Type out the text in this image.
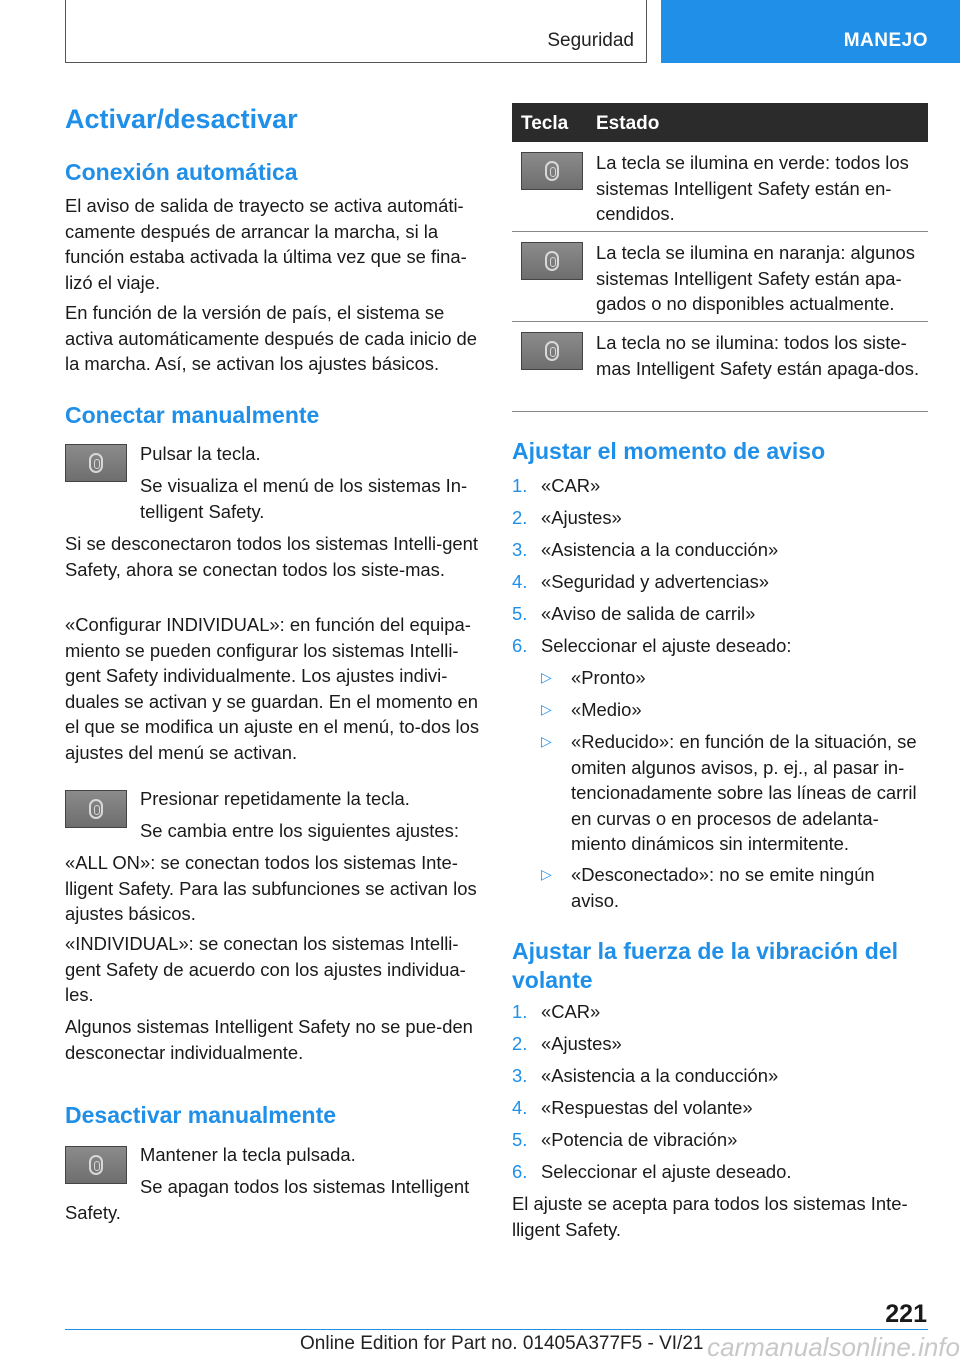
Seguridad	MANEJO
Activar/desactivar
Conexión automática

El aviso de salida de trayecto se activa automáti-camente después de arrancar la marcha, si la función estaba activada la última vez que se fina-lizó el viaje.

En función de la versión de país, el sistema se activa automáticamente después de cada inicio de la marcha. Así, se activan los ajustes básicos.

Conectar manualmente

Pulsar la tecla.

Se visualiza el menú de los sistemas In-telligent Safety.

Si se desconectaron todos los sistemas Intelli-gent Safety, ahora se conectan todos los siste-mas.

«Configurar INDIVIDUAL»: en función del equipa-miento se pueden configurar los sistemas Intelli-gent Safety individualmente. Los ajustes indivi-duales se activan y se guardan. En el momento en el que se modifica un ajuste en el menú, to-dos los ajustes del menú se activan.

Presionar repetidamente la tecla.

Se cambia entre los siguientes ajustes:

«ALL ON»: se conectan todos los sistemas Inte-lligent Safety. Para las subfunciones se activan los ajustes básicos.

«INDIVIDUAL»: se conectan los sistemas Intelli-gent Safety de acuerdo con los ajustes individua-les.

Algunos sistemas Intelligent Safety no se pue-den desconectar individualmente.

Desactivar manualmente

Mantener la tecla pulsada.

Se apagan todos los sistemas Intelligent Safety.

Tecla Estado

La tecla se ilumina en verde: todos los sistemas Intelligent Safety están en-cendidos.

La tecla se ilumina en naranja: algunos sistemas Intelligent Safety están apa-gados o no disponibles actualmente.

La tecla no se ilumina: todos los siste-mas Intelligent Safety están apaga-dos.

Ajustar el momento de aviso
1. «CAR»
2. «Ajustes»
3. «Asistencia a la conducción»
4. «Seguridad y advertencias»
5. «Aviso de salida de carril»
6. Seleccionar el ajuste deseado:
▷ «Pronto»
▷ «Medio»
▷ «Reducido»: en función de la situación, se omiten algunos avisos, p. ej., al pasar in-tencionadamente sobre las líneas de carril en curvas o en procesos de adelanta-miento dinámicos sin intermitente.
▷ «Desconectado»: no se emite ningún aviso.
Ajustar la fuerza de la vibración del volante
1. «CAR»
2. «Ajustes»
3. «Asistencia a la conducción»
4. «Respuestas del volante»
5. «Potencia de vibración»
6. Seleccionar el ajuste deseado.

El ajuste se acepta para todos los sistemas Inte-lligent Safety.

221
Online Edition for Part no. 01405A377F5 - VI/21 carmanualsonline.info
